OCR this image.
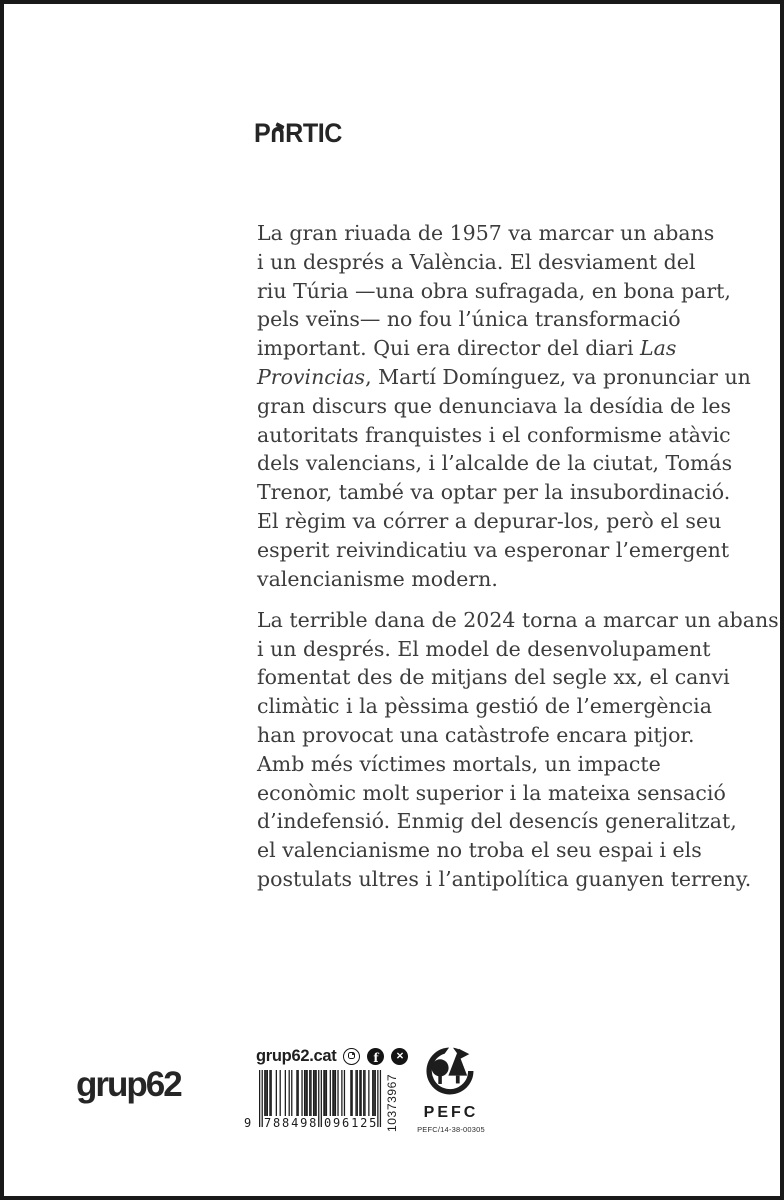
P RTIC
La gran riuada de 1957 va marcar un abans
i un després a València. El desviament del
riu Túria —una obra sufragada, en bona part,
pels veïns— no fou l’única transformació
important. Qui era director del diari Las
Provincias, Martí Domínguez, va pronunciar un
gran discurs que denunciava la desídia de les
autoritats franquistes i el conformisme atàvic
dels valencians, i l’alcalde de la ciutat, Tomás
Trenor, també va optar per la insubordinació.
El règim va córrer a depurar-los, però el seu
esperit reivindicatiu va esperonar l’emergent
valencianisme modern.
La terrible dana de 2024 torna a marcar un abans
i un després. El model de desenvolupament
fomentat des de mitjans del segle xx, el canvi
climàtic i la pèssima gestió de l’emergència
han provocat una catàstrofe encara pitjor.
Amb més víctimes mortals, un impacte
econòmic molt superior i la mateixa sensació
d’indefensió. Enmig del desencís generalitzat,
el valencianisme no troba el seu espai i els
postulats ultres i l’antipolítica guanyen terreny.
grup62
grup62.cat	f	✕
9 788498 096125 10373967	PEFC
PEFC/14-38-00305
